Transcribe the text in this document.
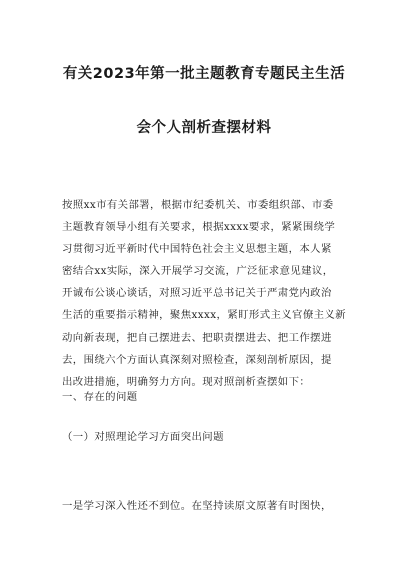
有关2023年第一批主题教育专题民主生活
会个人剖析查摆材料

按照xx市有关部署，根据市纪委机关、市委组织部、市委
主题教育领导小组有关要求，根据xxxx要求，紧紧围绕学
习贯彻习近平新时代中国特色社会主义思想主题，本人紧
密结合xx实际，深入开展学习交流，广泛征求意见建议，
开诚布公谈心谈话，对照习近平总书记关于严肃党内政治
生活的重要指示精神，聚焦xxxx，紧盯形式主义官僚主义新
动向新表现，把自己摆进去、把职责摆进去、把工作摆进
去，围绕六个方面认真深刻对照检查，深刻剖析原因，提
出改进措施，明确努力方向。现对照剖析查摆如下：

一、存在的问题

（一）对照理论学习方面突出问题

一是学习深入性还不到位。在坚持读原文原著有时图快，
